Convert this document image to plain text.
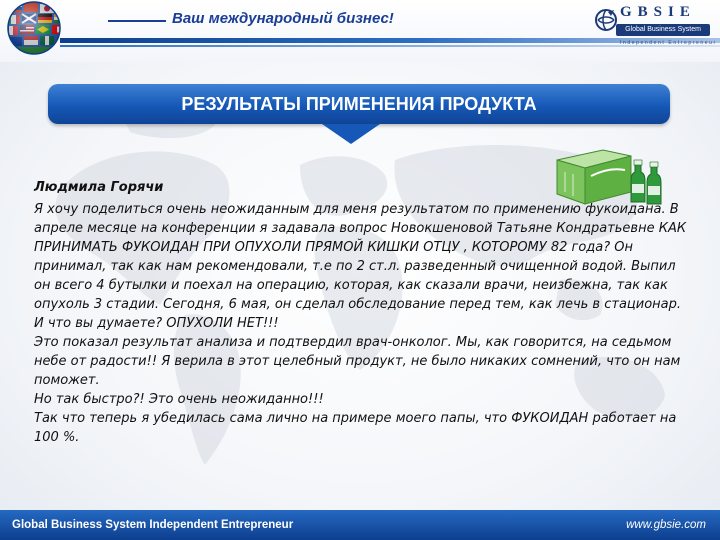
Ваш международный бизнес!	GBSIE

Global Business System

Independent Entrepreneur

РЕЗУЛЬТАТЫ ПРИМЕНЕНИЯ ПРОДУКТА

Людмила Горячи

Я хочу поделиться очень неожиданным для меня результатом по применению фукоидана. В апреле месяце на конференции я задавала вопрос Новокшеновой Татьяне Кондратьевне КАК ПРИНИМАТЬ ФУКОИДАН ПРИ ОПУХОЛИ ПРЯМОЙ КИШКИ ОТЦУ , КОТОРОМУ 82 года? Он принимал, так как нам рекомендовали, т.е по 2 ст.л. разведенный очищенной водой. Выпил он всего 4 бутылки и поехал на операцию, которая, как сказали врачи, неизбежна, так как опухоль 3 стадии. Сегодня, 6 мая, он сделал обследование перед тем, как лечь в стационар. И что вы думаете? ОПУХОЛИ НЕТ!!!

Это показал результат анализа и подтвердил врач-онколог. Мы, как говорится, на седьмом небе от радости!! Я верила в этот целебный продукт, не было никаких сомнений, что он нам поможет.

Но так быстро?! Это очень неожиданно!!!

Так что теперь я убедилась сама лично на примере моего папы, что ФУКОИДАН работает на 100 %.

Global Business System Independent Entrepreneur	www.gbsie.com
